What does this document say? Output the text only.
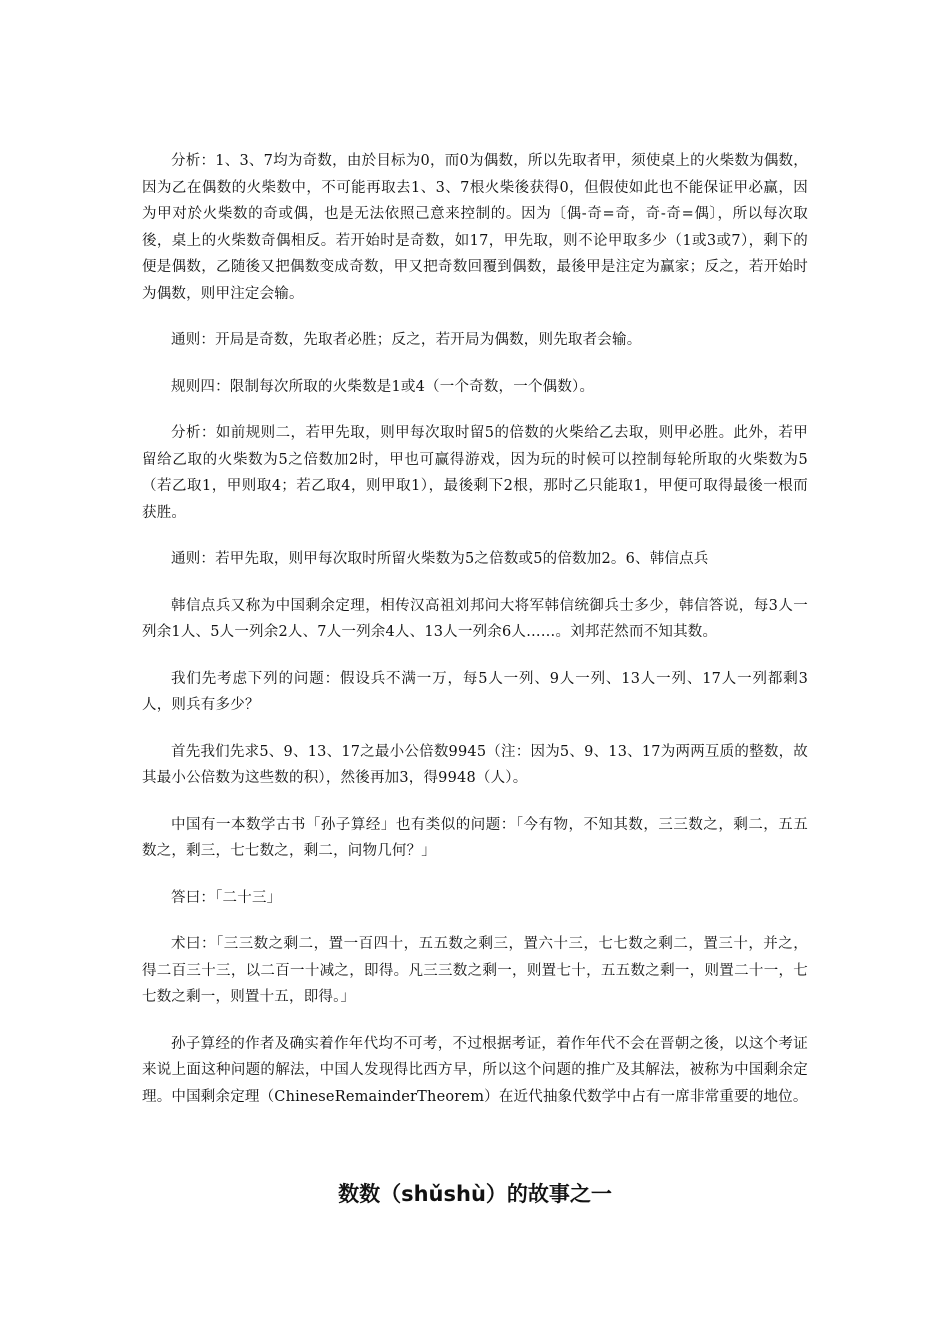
分析：1、3、7均为奇数，由於目标为0，而0为偶数，所以先取者甲，须使桌上的火柴数为偶数，因为乙在偶数的火柴数中，不可能再取去1、3、7根火柴後获得0，但假使如此也不能保证甲必赢，因为甲对於火柴数的奇或偶，也是无法依照己意来控制的。因为〔偶-奇=奇，奇-奇=偶〕，所以每次取後，桌上的火柴数奇偶相反。若开始时是奇数，如17，甲先取，则不论甲取多少（1或3或7），剩下的便是偶数，乙随後又把偶数变成奇数，甲又把奇数回覆到偶数，最後甲是注定为赢家；反之，若开始时为偶数，则甲注定会输。

通则：开局是奇数，先取者必胜；反之，若开局为偶数，则先取者会输。

规则四：限制每次所取的火柴数是1或4（一个奇数，一个偶数）。

分析：如前规则二，若甲先取，则甲每次取时留5的倍数的火柴给乙去取，则甲必胜。此外，若甲留给乙取的火柴数为5之倍数加2时，甲也可赢得游戏，因为玩的时候可以控制每轮所取的火柴数为5（若乙取1，甲则取4；若乙取4，则甲取1），最後剩下2根，那时乙只能取1，甲便可取得最後一根而获胜。

通则：若甲先取，则甲每次取时所留火柴数为5之倍数或5的倍数加2。6、韩信点兵

韩信点兵又称为中国剩余定理，相传汉高祖刘邦问大将军韩信统御兵士多少，韩信答说，每3人一列余1人、5人一列余2人、7人一列余4人、13人一列余6人……。刘邦茫然而不知其数。

我们先考虑下列的问题：假设兵不满一万，每5人一列、9人一列、13人一列、17人一列都剩3人，则兵有多少？

首先我们先求5、9、13、17之最小公倍数9945（注：因为5、9、13、17为两两互质的整数，故其最小公倍数为这些数的积），然後再加3，得9948（人）。

中国有一本数学古书「孙子算经」也有类似的问题：「今有物，不知其数，三三数之，剩二，五五数之，剩三，七七数之，剩二，问物几何？」

答曰：「二十三」

术曰：「三三数之剩二，置一百四十，五五数之剩三，置六十三，七七数之剩二，置三十，并之，得二百三十三，以二百一十减之，即得。凡三三数之剩一，则置七十，五五数之剩一，则置二十一，七七数之剩一，则置十五，即得。」

孙子算经的作者及确实着作年代均不可考，不过根据考证，着作年代不会在晋朝之後，以这个考证来说上面这种问题的解法，中国人发现得比西方早，所以这个问题的推广及其解法，被称为中国剩余定理。中国剩余定理（ChineseRemainderTheorem）在近代抽象代数学中占有一席非常重要的地位。

数数（shǔshù）的故事之一
